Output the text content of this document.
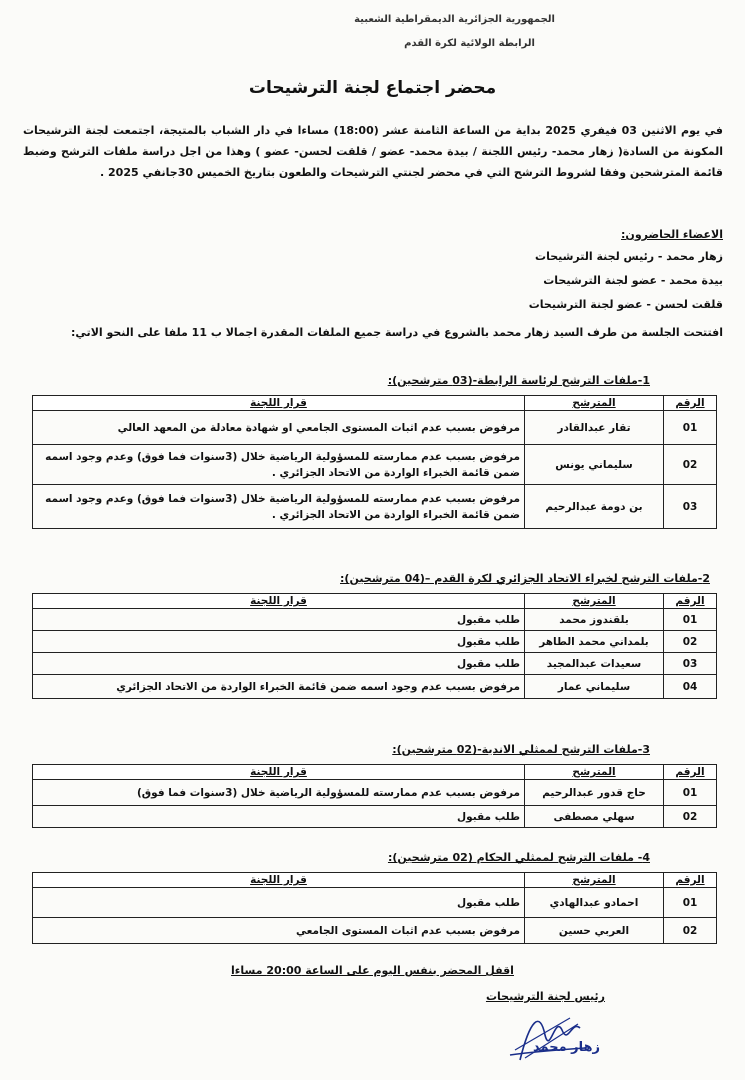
الجمهورية الجزائرية الديمقراطية الشعبية
الرابطة الولائية لكرة القدم
محضر اجتماع لجنة الترشيحات
في يوم الاثنين 03 فيفري 2025 بداية من الساعة الثامنة عشر (18:00) مساءا في دار الشباب بالمتيجة، اجتمعت لجنة الترشيحات المكونة من السادة( زهار محمد- رئيس اللجنة / بيدة محمد- عضو / قلقت لحسن- عضو ) وهذا من اجل دراسة ملفات الترشح وضبط قائمة المترشحين وفقا لشروط الترشح التي في محضر لجنتي الترشيحات والطعون بتاريخ الخميس 30جانفي 2025 .
الاعضاء الحاضرون:
زهار محمد - رئيس لجنة الترشيحات
بيدة محمد - عضو لجنة الترشيحات
قلقت لحسن - عضو لجنة الترشيحات
افتتحت الجلسة من طرف السيد زهار محمد بالشروع في دراسة جميع الملفات المقدرة اجمالا ب 11 ملفا على النحو الاتي:
1-ملفات الترشح لرئاسة الرابطة-(03 مترشحين):
الرقم	المترشح	قرار اللجنة
01	تقار عبدالقادر	مرفوض بسبب عدم اثبات المستوى الجامعي او شهادة معادلة من المعهد العالي
02	سليماني يونس	مرفوض بسبب عدم ممارسته للمسؤولية الرياضية خلال (3سنوات فما فوق) وعدم وجود اسمه ضمن قائمة الخبراء الواردة من الاتحاد الجزائري .
03	بن دومة عبدالرحيم	مرفوض بسبب عدم ممارسته للمسؤولية الرياضية خلال (3سنوات فما فوق) وعدم وجود اسمه ضمن قائمة الخبراء الواردة من الاتحاد الجزائري .
2-ملفات الترشح لخبراء الاتحاد الجزائري لكرة القدم –(04 مترشحين):
الرقم	المترشح	قرار اللجنة
01	بلقندوز محمد	طلب مقبول
02	بلمداني محمد الطاهر	طلب مقبول
03	سعيدات عبدالمجيد	طلب مقبول
04	سليماني عمار	مرفوض بسبب عدم وجود اسمه ضمن قائمة الخبراء الواردة من الاتحاد الجزائري
3-ملفات الترشح لممثلي الاندية-(02 مترشحين):
الرقم	المترشح	قرار اللجنة
01	حاج قدور عبدالرحيم	مرفوض بسبب عدم ممارسته للمسؤولية الرياضية خلال (3سنوات فما فوق)
02	سهلي مصطفى	طلب مقبول
4- ملفات الترشح لممثلي الحكام (02 مترشحين):
الرقم	المترشح	قرار اللجنة
01	احمادو عبدالهادي	طلب مقبول
02	العربي حسين	مرفوض بسبب عدم اثبات المستوى الجامعي
اقفل المحضر بنفس اليوم على الساعة 20:00 مساءا
رئيس لجنة الترشيحات
زهار محمد
